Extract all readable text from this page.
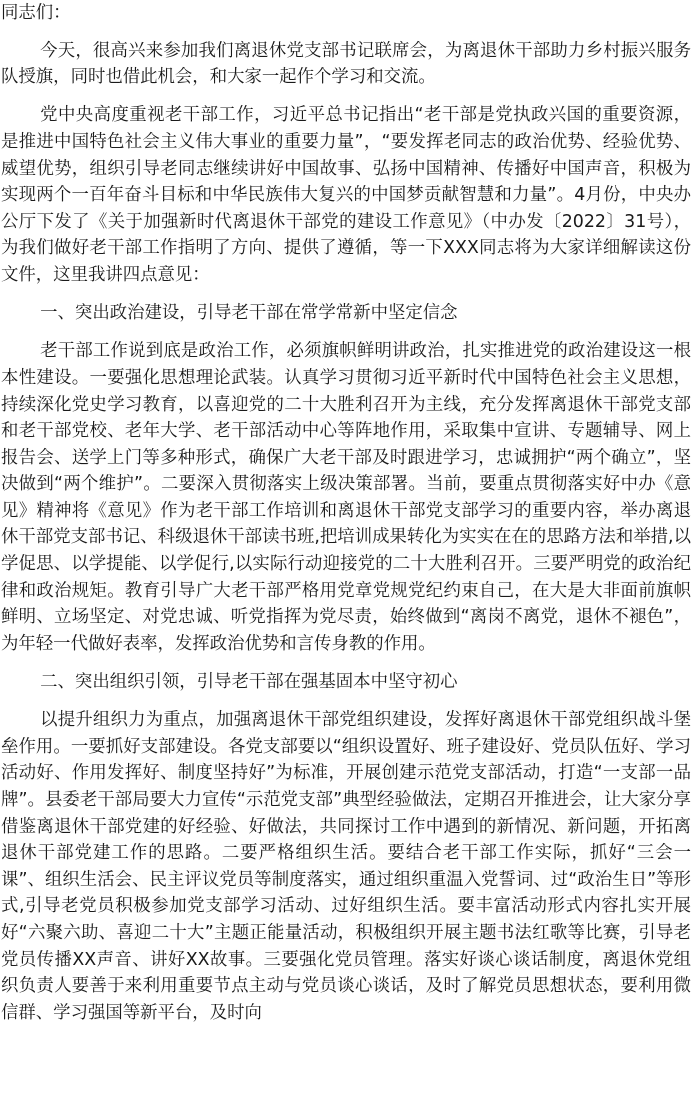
同志们：

今天，很高兴来参加我们离退休党支部书记联席会，为离退休干部助力乡村振兴服务队授旗，同时也借此机会，和大家一起作个学习和交流。

党中央高度重视老干部工作，习近平总书记指出“老干部是党执政兴国的重要资源，是推进中国特色社会主义伟大事业的重要力量”，“要发挥老同志的政治优势、经验优势、威望优势，组织引导老同志继续讲好中国故事、弘扬中国精神、传播好中国声音，积极为实现两个一百年奋斗目标和中华民族伟大复兴的中国梦贡献智慧和力量”。4月份，中央办公厅下发了《关于加强新时代离退休干部党的建设工作意见》（中办发〔2022〕31号），为我们做好老干部工作指明了方向、提供了遵循，等一下XXX同志将为大家详细解读这份文件，这里我讲四点意见：

一、突出政治建设，引导老干部在常学常新中坚定信念

老干部工作说到底是政治工作，必须旗帜鲜明讲政治，扎实推进党的政治建设这一根本性建设。一要强化思想理论武装。认真学习贯彻习近平新时代中国特色社会主义思想，持续深化党史学习教育，以喜迎党的二十大胜利召开为主线，充分发挥离退休干部党支部和老干部党校、老年大学、老干部活动中心等阵地作用，采取集中宣讲、专题辅导、网上报告会、送学上门等多种形式，确保广大老干部及时跟进学习，忠诚拥护“两个确立”，坚决做到“两个维护”。二要深入贯彻落实上级决策部署。当前，要重点贯彻落实好中办《意见》精神将《意见》作为老干部工作培训和离退休干部党支部学习的重要内容，举办离退休干部党支部书记、科级退休干部读书班,把培训成果转化为实实在在的思路方法和举措,以学促思、以学提能、以学促行,以实际行动迎接党的二十大胜利召开。三要严明党的政治纪律和政治规矩。教育引导广大老干部严格用党章党规党纪约束自己，在大是大非面前旗帜鲜明、立场坚定、对党忠诚、听党指挥为党尽责，始终做到“离岗不离党，退休不褪色”，为年轻一代做好表率，发挥政治优势和言传身教的作用。

二、突出组织引领，引导老干部在强基固本中坚守初心

以提升组织力为重点，加强离退休干部党组织建设，发挥好离退休干部党组织战斗堡垒作用。一要抓好支部建设。各党支部要以“组织设置好、班子建设好、党员队伍好、学习活动好、作用发挥好、制度坚持好”为标准，开展创建示范党支部活动，打造“一支部一品牌”。县委老干部局要大力宣传“示范党支部”典型经验做法，定期召开推进会，让大家分享借鉴离退休干部党建的好经验、好做法，共同探讨工作中遇到的新情况、新问题，开拓离退休干部党建工作的思路。二要严格组织生活。要结合老干部工作实际，抓好“三会一课”、组织生活会、民主评议党员等制度落实，通过组织重温入党誓词、过“政治生日”等形式,引导老党员积极参加党支部学习活动、过好组织生活。要丰富活动形式内容扎实开展好“六聚六助、喜迎二十大”主题正能量活动，积极组织开展主题书法红歌等比赛，引导老党员传播XX声音、讲好XX故事。三要强化党员管理。落实好谈心谈话制度，离退休党组织负责人要善于来利用重要节点主动与党员谈心谈话，及时了解党员思想状态，要利用微信群、学习强国等新平台，及时向
